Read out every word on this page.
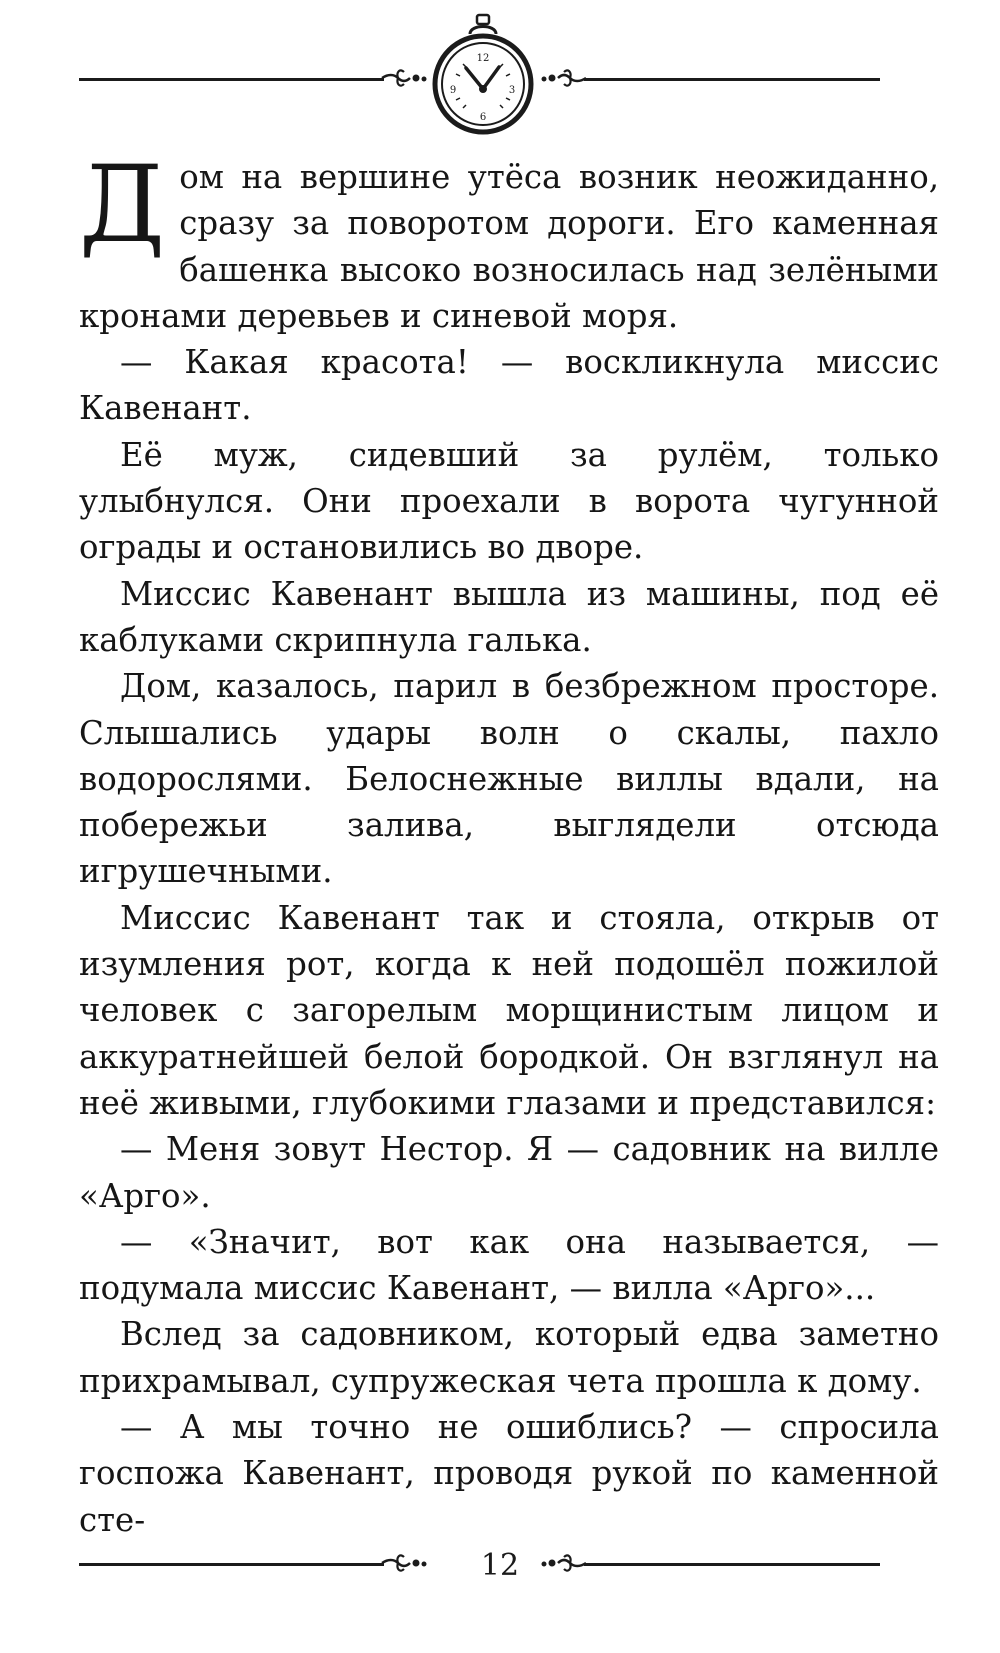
12
3
6
9

Дом на вершине утёса возник неожиданно, сразу за поворотом дороги. Его каменная башенка высоко возносилась над зелёными кронами деревьев и синевой моря.

— Какая красота! — воскликнула миссис Кавенант.

Её муж, сидевший за рулём, только улыбнулся. Они проехали в ворота чугунной ограды и остановились во дворе.

Миссис Кавенант вышла из машины, под её каблуками скрипнула галька.

Дом, казалось, парил в безбрежном просторе. Слышались удары волн о скалы, пахло водорослями. Белоснежные виллы вдали, на побережьи залива, выглядели отсюда игрушечными.

Миссис Кавенант так и стояла, открыв от изумления рот, когда к ней подошёл пожилой человек с загорелым морщинистым лицом и аккуратнейшей белой бородкой. Он взглянул на неё живыми, глубокими глазами и представился:

— Меня зовут Нестор. Я — садовник на вилле «Арго».

— «Значит, вот как она называется, — подумала миссис Кавенант, — вилла «Арго»...

Вслед за садовником, который едва заметно прихрамывал, супружеская чета прошла к дому.

— А мы точно не ошиблись? — спросила госпожа Кавенант, проводя рукой по каменной сте-

12
